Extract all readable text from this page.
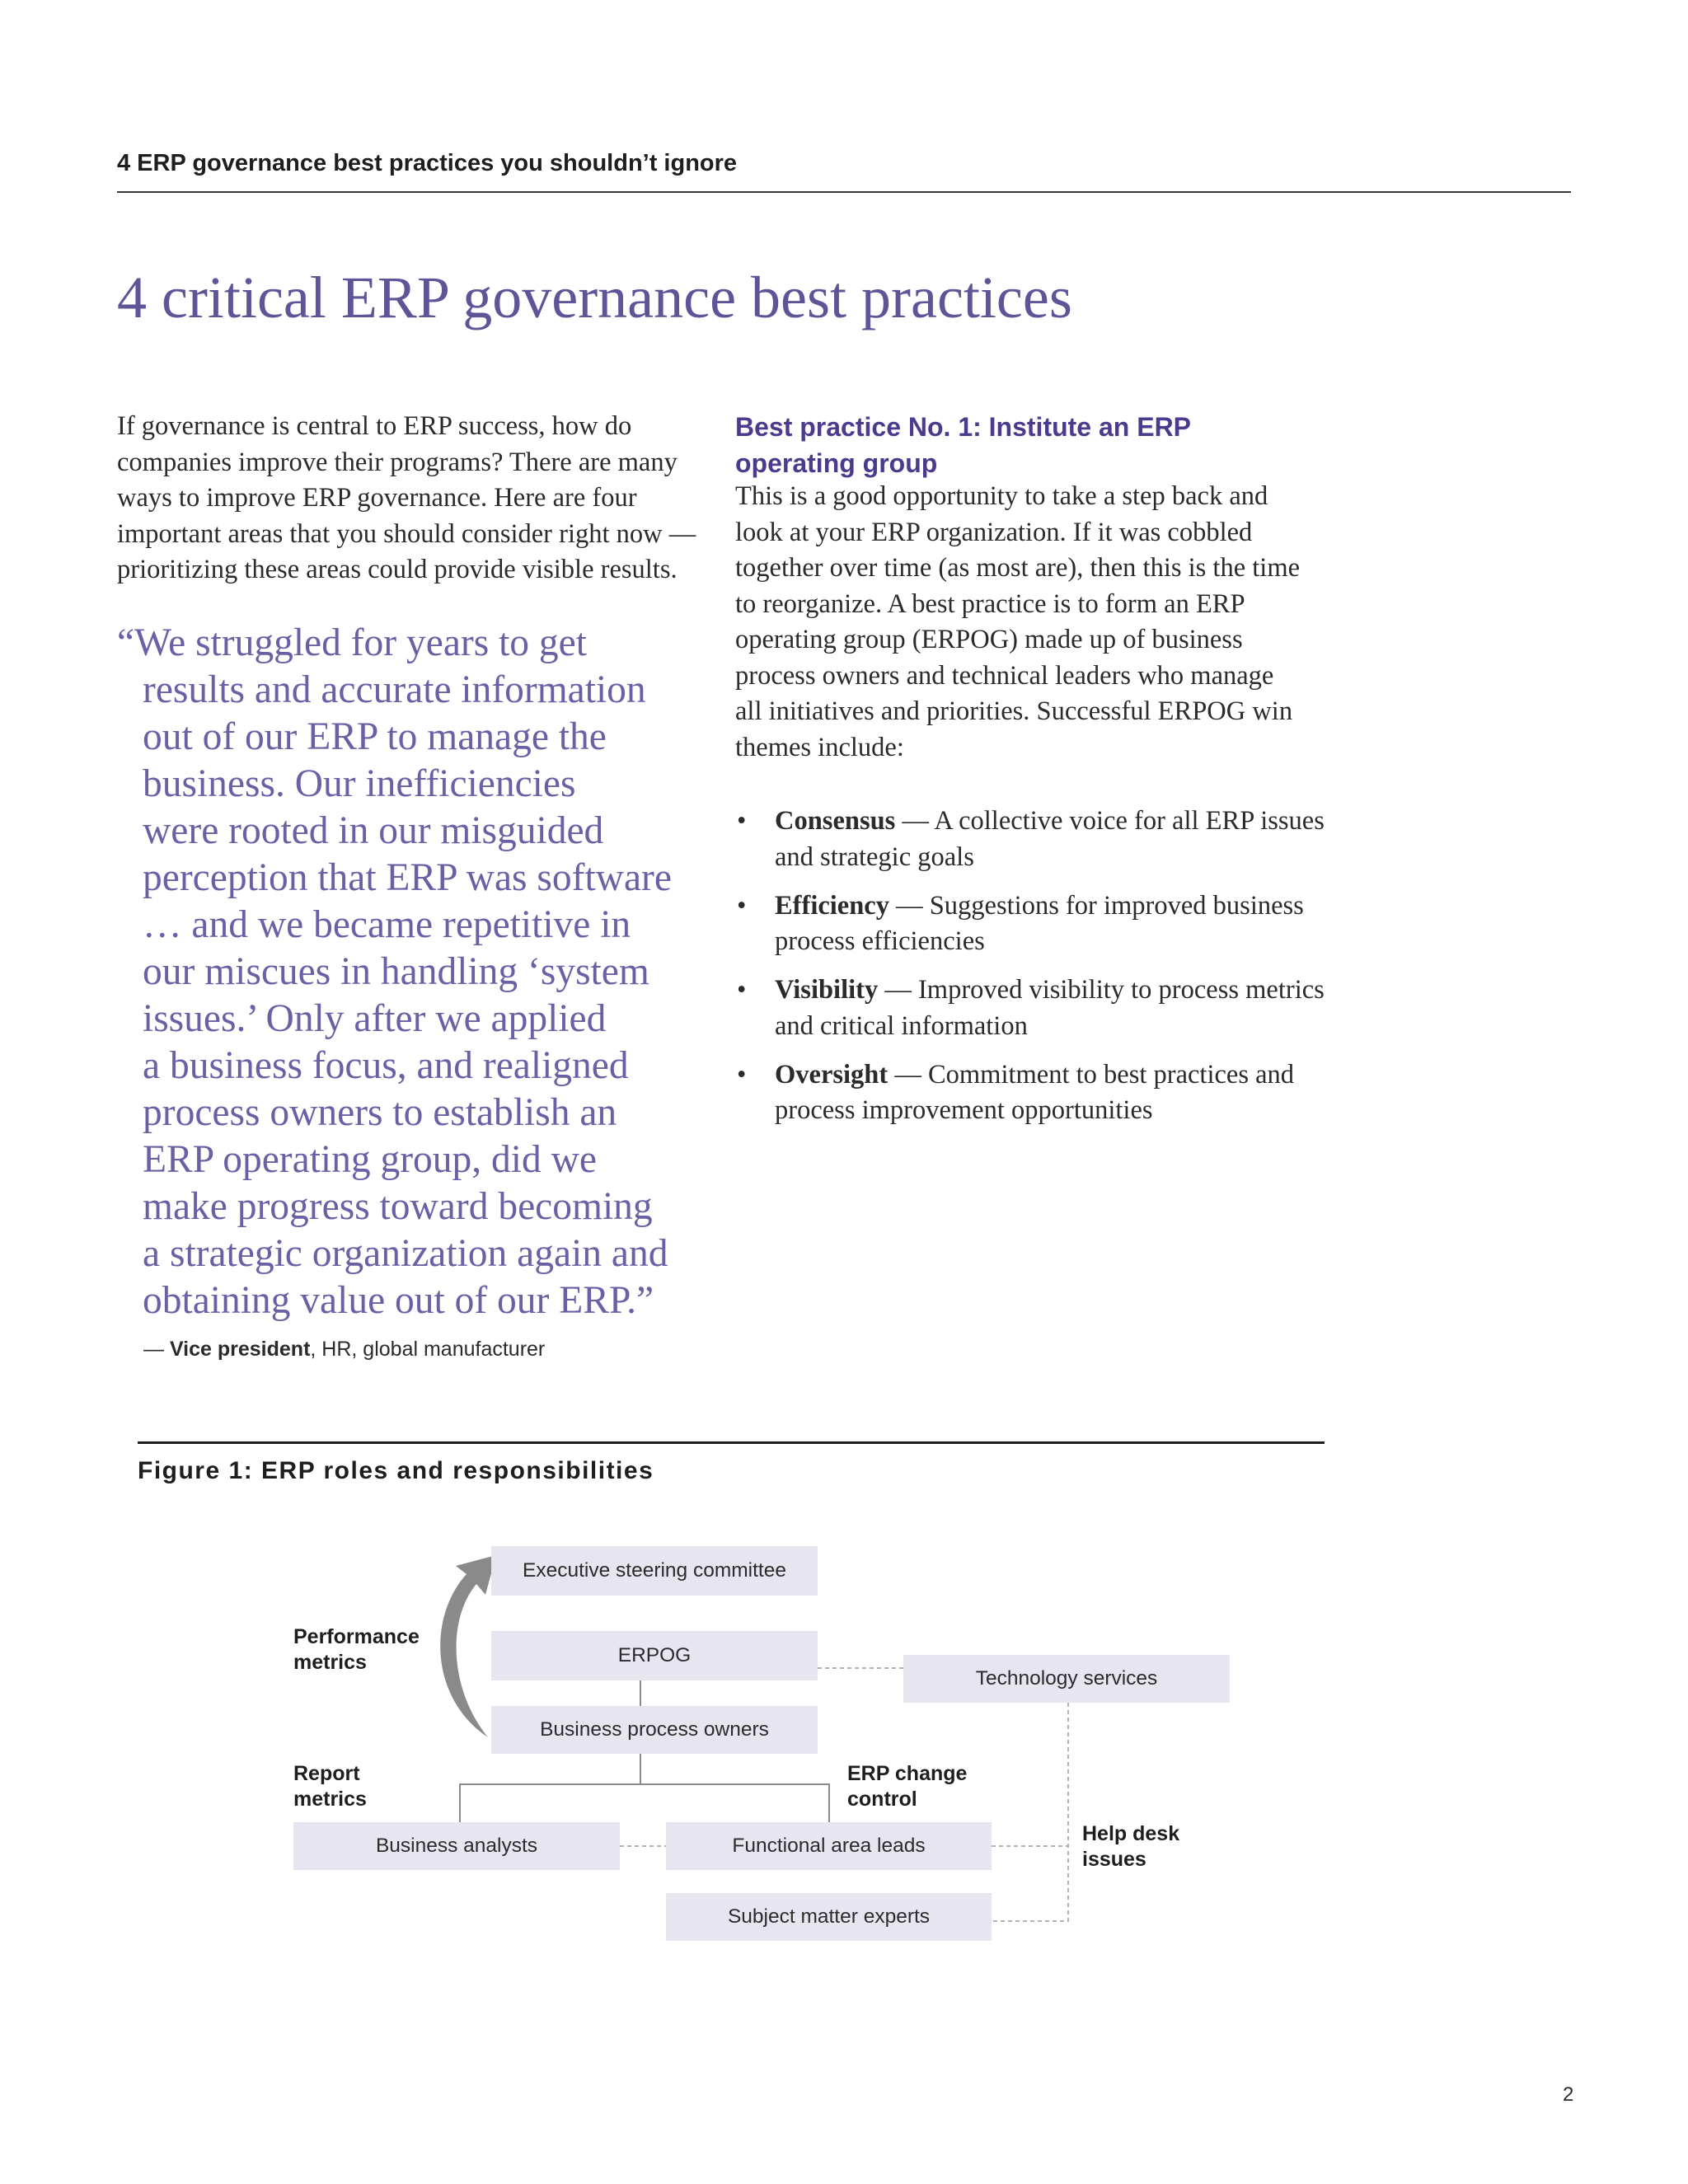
4 ERP governance best practices you shouldn’t ignore
4 critical ERP governance best practices
If governance is central to ERP success, how do
companies improve their programs? There are many
ways to improve ERP governance. Here are four
important areas that you should consider right now —
prioritizing these areas could provide visible results.
“We struggled for years to get
results and accurate information
out of our ERP to manage the
business. Our inefficiencies
were rooted in our misguided
perception that ERP was software
… and we became repetitive in
our miscues in handling ‘system
issues.’ Only after we applied
a business focus, and realigned
process owners to establish an
ERP operating group, did we
make progress toward becoming
a strategic organization again and
obtaining value out of our ERP.”
— Vice president, HR, global manufacturer
Best practice No. 1: Institute an ERP
operating group
This is a good opportunity to take a step back and
look at your ERP organization. If it was cobbled
together over time (as most are), then this is the time
to reorganize. A best practice is to form an ERP
operating group (ERPOG) made up of business
process owners and technical leaders who manage
all initiatives and priorities. Successful ERPOG win
themes include:
• Consensus — A collective voice for all ERP issues
and strategic goals
• Efficiency — Suggestions for improved business
process efficiencies
• Visibility — Improved visibility to process metrics
and critical information
• Oversight — Commitment to best practices and
process improvement opportunities
Figure 1: ERP roles and responsibilities
Executive steering committee
ERPOG
Business process owners
Technology services
Business analysts	Functional area leads
Subject matter experts
Performance
metrics
Report
metrics
ERP change
control
Help desk
issues
2
